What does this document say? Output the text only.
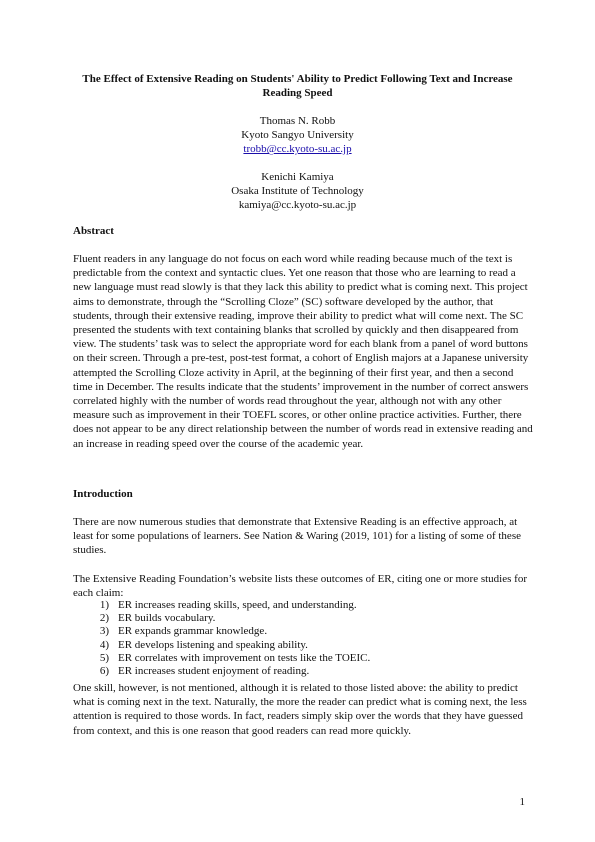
The Effect of Extensive Reading on Students' Ability to Predict Following Text and Increase Reading Speed
Thomas N. Robb
Kyoto Sangyo University
trobb@cc.kyoto-su.ac.jp
Kenichi Kamiya
Osaka Institute of Technology
kamiya@cc.kyoto-su.ac.jp
Abstract

Fluent readers in any language do not focus on each word while reading because much of the text is predictable from the context and syntactic clues. Yet one reason that those who are learning to read a new language must read slowly is that they lack this ability to predict what is coming next. This project aims to demonstrate, through the “Scrolling Cloze” (SC) software developed by the author, that students, through their extensive reading, improve their ability to predict what will come next. The SC presented the students with text containing blanks that scrolled by quickly and then disappeared from view. The students’ task was to select the appropriate word for each blank from a panel of word buttons on their screen. Through a pre-test, post-test format, a cohort of English majors at a Japanese university attempted the Scrolling Cloze activity in April, at the beginning of their first year, and then a second time in December. The results indicate that the students’ improvement in the number of correct answers correlated highly with the number of words read throughout the year, although not with any other measure such as improvement in their TOEFL scores, or other online practice activities. Further, there does not appear to be any direct relationship between the number of words read in extensive reading and an increase in reading speed over the course of the academic year.

Introduction

There are now numerous studies that demonstrate that Extensive Reading is an effective approach, at least for some populations of learners. See Nation & Waring (2019, 101) for a listing of some of these studies.

The Extensive Reading Foundation’s website lists these outcomes of ER, citing one or more studies for each claim:

1) ER increases reading skills, speed, and understanding.
2) ER builds vocabulary.
3) ER expands grammar knowledge.
4) ER develops listening and speaking ability.
5) ER correlates with improvement on tests like the TOEIC.
6) ER increases student enjoyment of reading.

One skill, however, is not mentioned, although it is related to those listed above: the ability to predict what is coming next in the text. Naturally, the more the reader can predict what is coming next, the less attention is required to those words. In fact, readers simply skip over the words that they have guessed from context, and this is one reason that good readers can read more quickly.

1
